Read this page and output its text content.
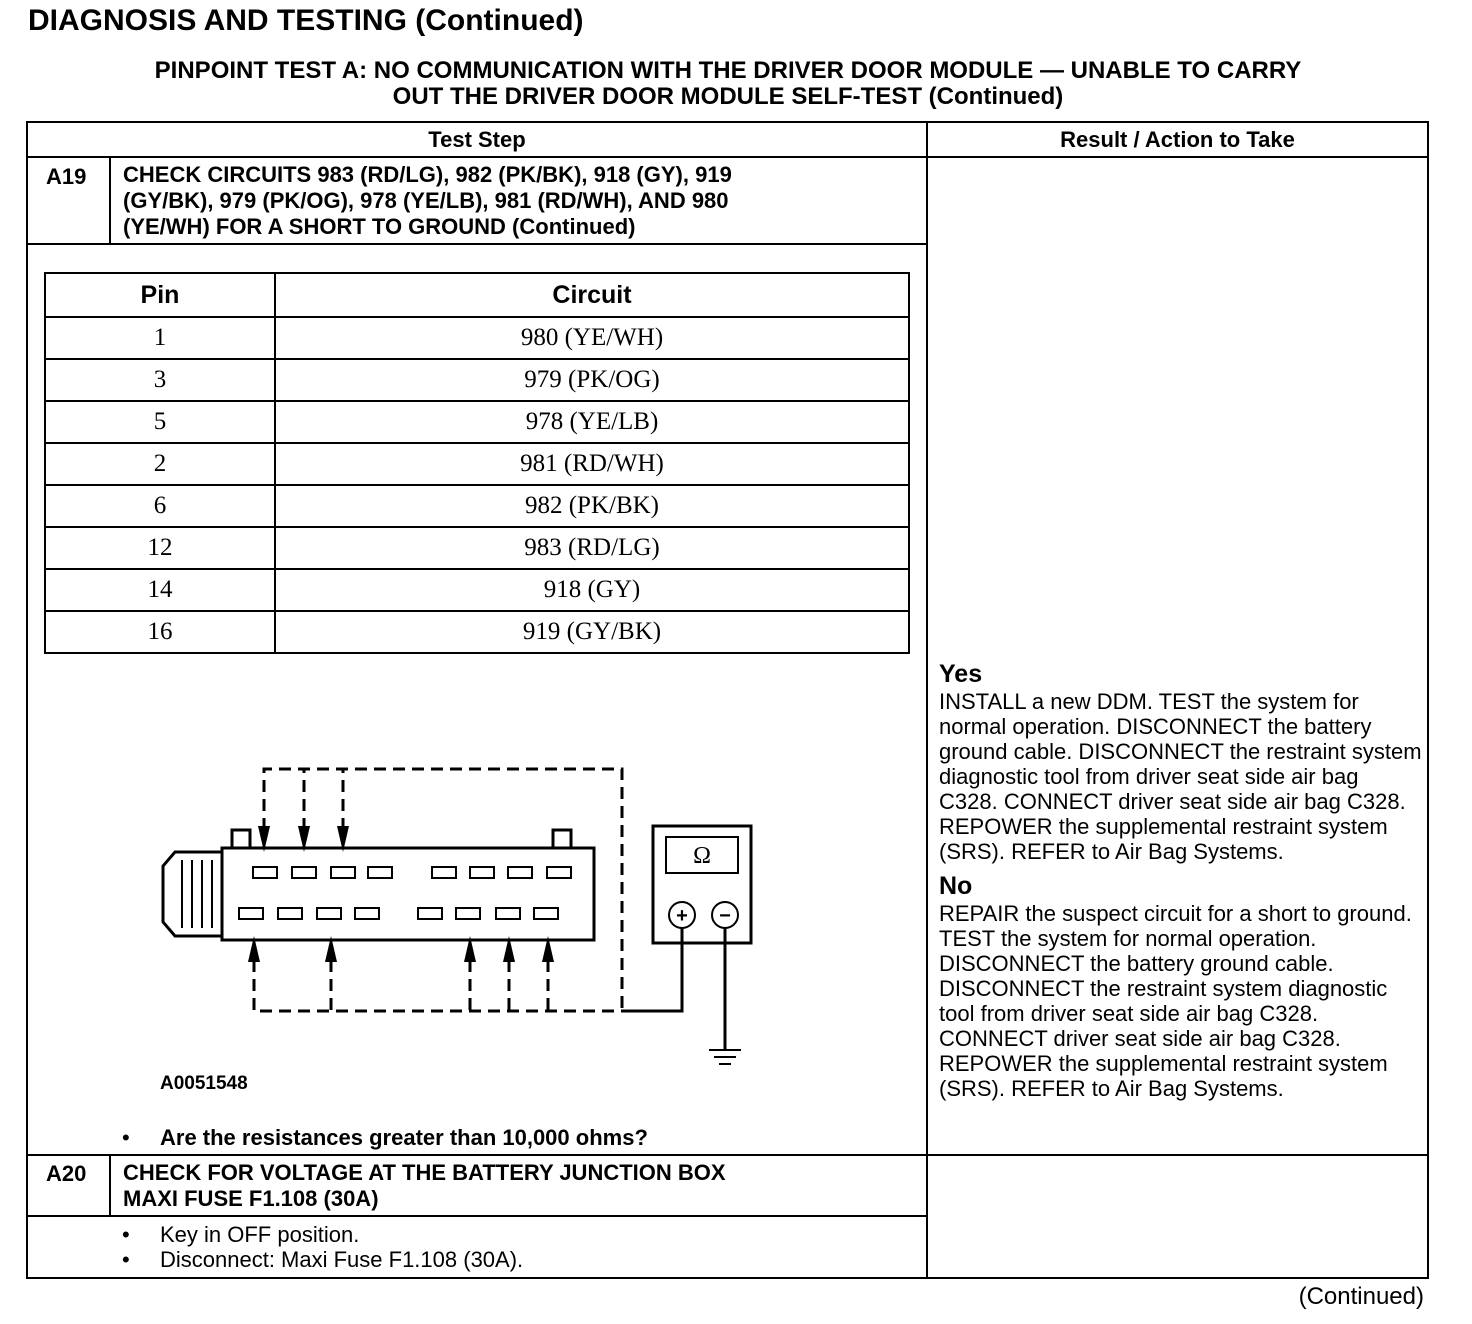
DIAGNOSIS AND TESTING (Continued)
PINPOINT TEST A: NO COMMUNICATION WITH THE DRIVER DOOR MODULE — UNABLE TO CARRY
OUT THE DRIVER DOOR MODULE SELF-TEST (Continued)
Test Step	Result / Action to Take
A19 CHECK CIRCUITS 983 (RD/LG), 982 (PK/BK), 918 (GY), 919
(GY/BK), 979 (PK/OG), 978 (YE/LB), 981 (RD/WH), AND 980
(YE/WH) FOR A SHORT TO GROUND (Continued)
Pin	Circuit
1	980 (YE/WH)
3	979 (PK/OG)
5	978 (YE/LB)
2	981 (RD/WH)
6	982 (PK/BK)
12	983 (RD/LG)
14	918 (GY)
16	919 (GY/BK)
Ω
+ −
A0051548
• Are the resistances greater than 10,000 ohms?
Yes
INSTALL a new DDM. TEST the system for normal operation. DISCONNECT the battery ground cable. DISCONNECT the restraint system diagnostic tool from driver seat side air bag C328. CONNECT driver seat side air bag C328. REPOWER the supplemental restraint system (SRS). REFER to Air Bag Systems.
No
REPAIR the suspect circuit for a short to ground. TEST the system for normal operation. DISCONNECT the battery ground cable. DISCONNECT the restraint system diagnostic tool from driver seat side air bag C328. CONNECT driver seat side air bag C328. REPOWER the supplemental restraint system (SRS). REFER to Air Bag Systems.
A20 CHECK FOR VOLTAGE AT THE BATTERY JUNCTION BOX
MAXI FUSE F1.108 (30A)
• Key in OFF position.
• Disconnect: Maxi Fuse F1.108 (30A).
(Continued)
